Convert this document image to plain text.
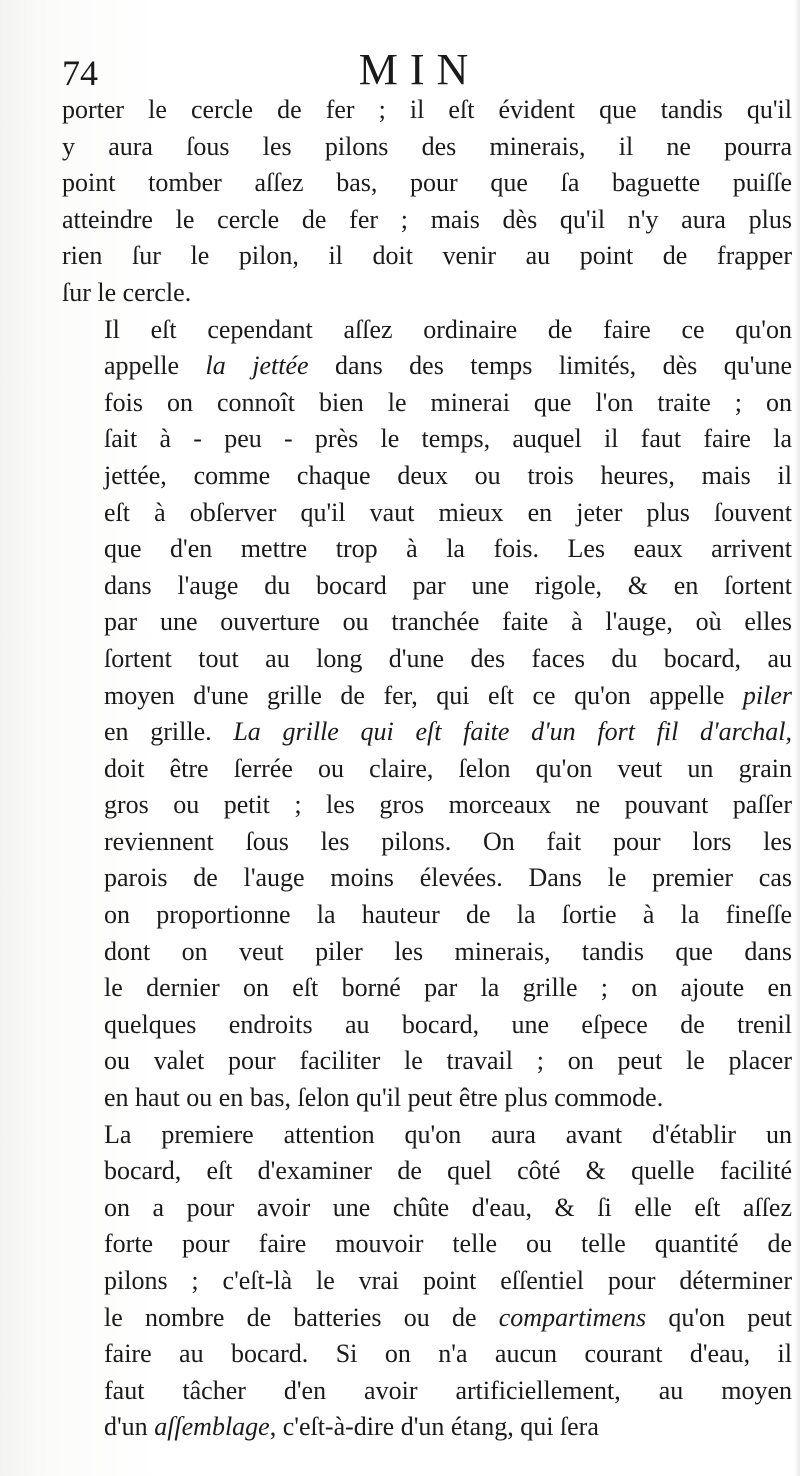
74	MIN

porter le cercle de fer ; il eſt évident que tandis qu'il
y aura ſous les pilons des minerais, il ne pourra
point tomber aſſez bas, pour que ſa baguette puiſſe
atteindre le cercle de fer ; mais dès qu'il n'y aura plus
rien ſur le pilon, il doit venir au point de frapper
ſur le cercle.

Il eſt cependant aſſez ordinaire de faire ce qu'on
appelle la jettée dans des temps limités, dès qu'une
fois on connoît bien le minerai que l'on traite ; on
ſait à - peu - près le temps, auquel il faut faire la
jettée, comme chaque deux ou trois heures, mais il
eſt à obſerver qu'il vaut mieux en jeter plus ſouvent
que d'en mettre trop à la fois. Les eaux arrivent
dans l'auge du bocard par une rigole, & en ſortent
par une ouverture ou tranchée faite à l'auge, où elles
ſortent tout au long d'une des faces du bocard, au
moyen d'une grille de fer, qui eſt ce qu'on appelle piler
en grille. La grille qui eſt faite d'un fort fil d'archal,
doit être ſerrée ou claire, ſelon qu'on veut un grain
gros ou petit ; les gros morceaux ne pouvant paſſer
reviennent ſous les pilons. On fait pour lors les
parois de l'auge moins élevées. Dans le premier cas
on proportionne la hauteur de la ſortie à la fineſſe
dont on veut piler les minerais, tandis que dans
le dernier on eſt borné par la grille ; on ajoute en
quelques endroits au bocard, une eſpece de trenil
ou valet pour faciliter le travail ; on peut le placer
en haut ou en bas, ſelon qu'il peut être plus commode.

La premiere attention qu'on aura avant d'établir un
bocard, eſt d'examiner de quel côté & quelle facilité
on a pour avoir une chûte d'eau, & ſi elle eſt aſſez
forte pour faire mouvoir telle ou telle quantité de
pilons ; c'eſt-là le vrai point eſſentiel pour déterminer
le nombre de batteries ou de compartimens qu'on peut
faire au bocard. Si on n'a aucun courant d'eau, il
faut tâcher d'en avoir artificiellement, au moyen
d'un aſſemblage, c'eſt-à-dire d'un étang, qui ſera
